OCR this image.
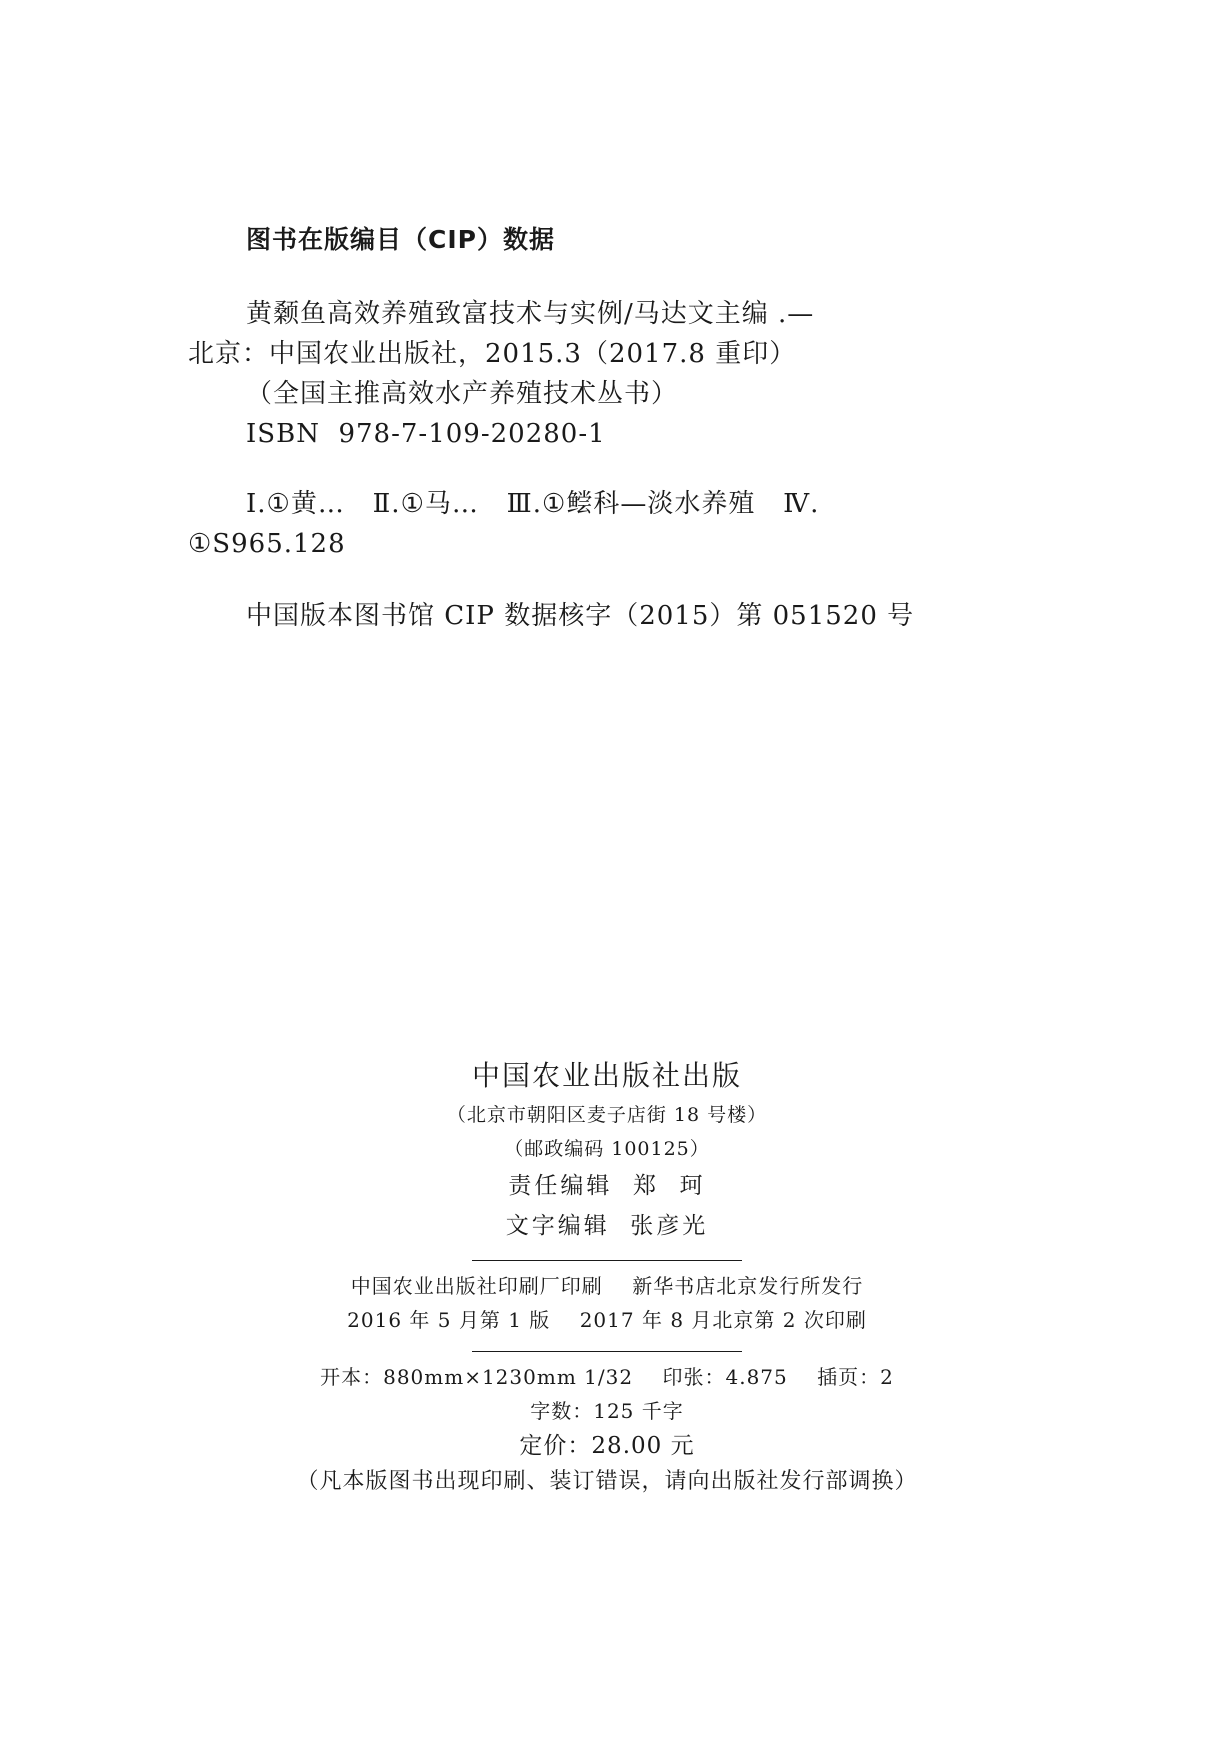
图书在版编目（CIP）数据

黄颡鱼高效养殖致富技术与实例/马达文主编 .—

北京：中国农业出版社，2015.3（2017.8 重印）

（全国主推高效水产养殖技术丛书）

ISBN  978-7-109-20280-1

Ⅰ.①黄…   Ⅱ.①马…   Ⅲ.①鲿科—淡水养殖   Ⅳ.

①S965.128

中国版本图书馆 CIP 数据核字（2015）第 051520 号

中国农业出版社出版
（北京市朝阳区麦子店街 18 号楼）
（邮政编码 100125）
责任编辑  郑  珂
文字编辑  张彦光
中国农业出版社印刷厂印刷    新华书店北京发行所发行
2016 年 5 月第 1 版    2017 年 8 月北京第 2 次印刷
开本：880mm×1230mm 1/32    印张：4.875    插页：2
字数：125 千字
定价：28.00 元
（凡本版图书出现印刷、装订错误，请向出版社发行部调换）
